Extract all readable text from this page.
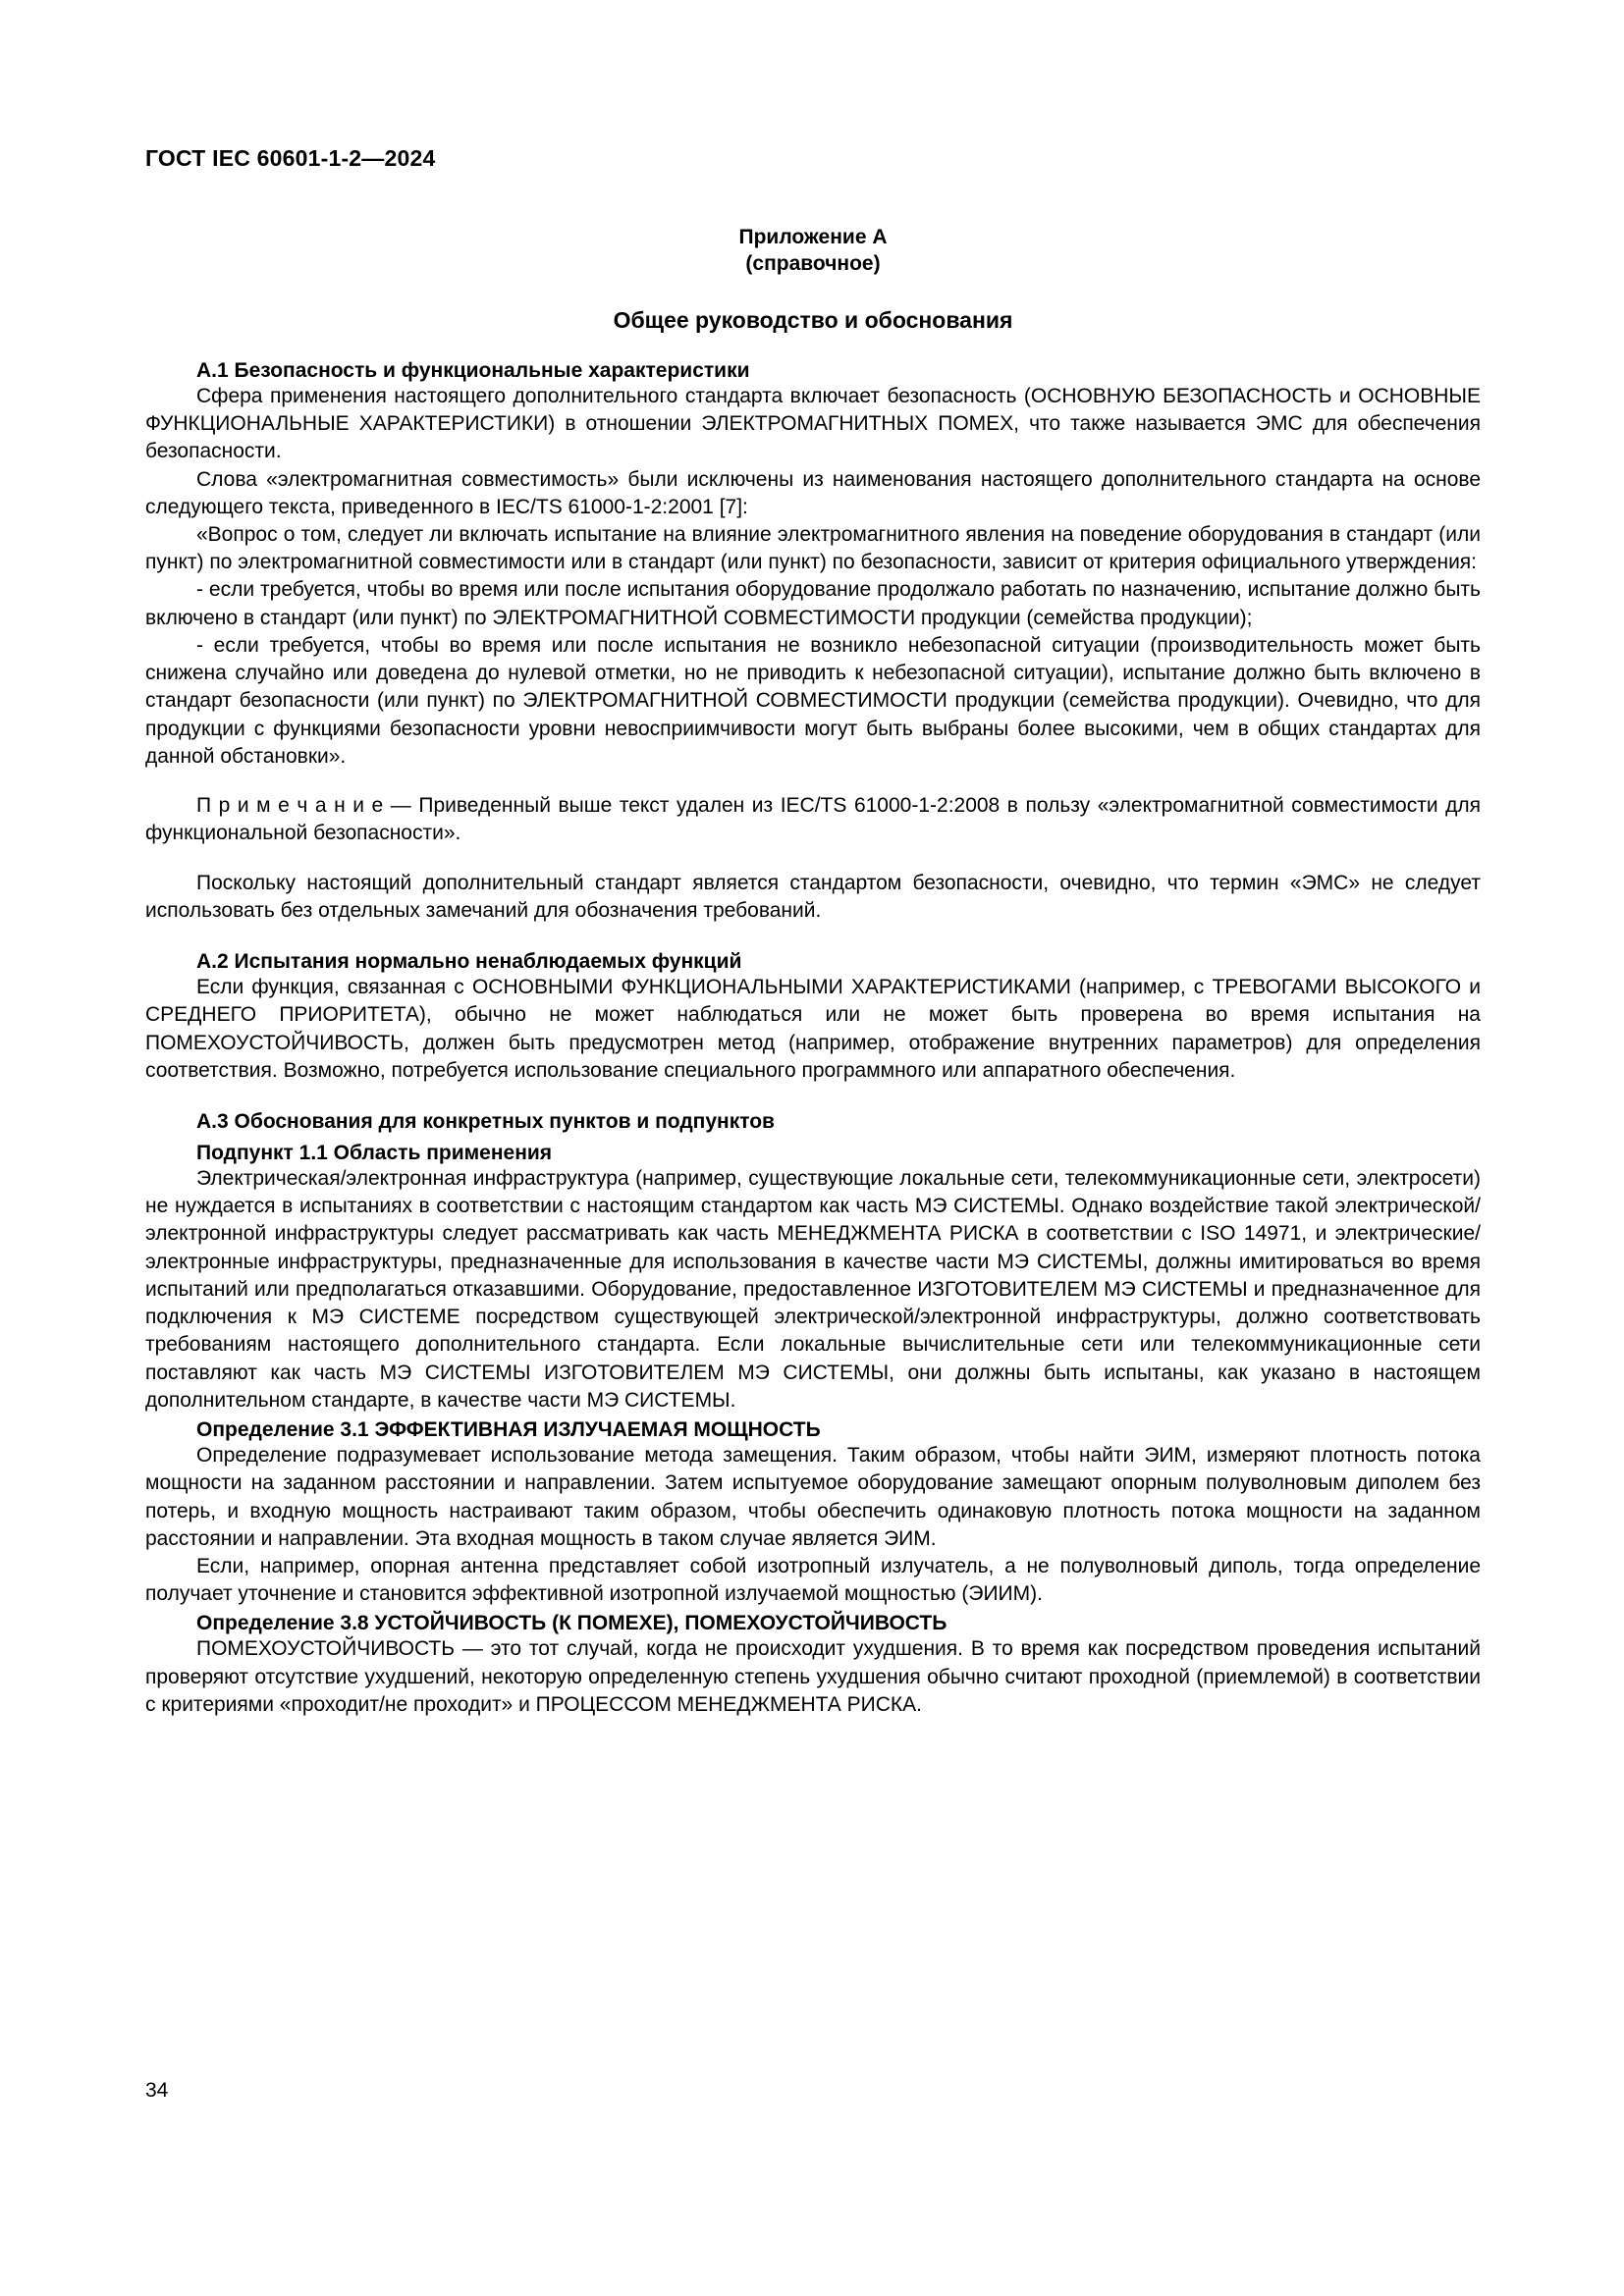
ГОСТ IEC 60601-1-2—2024
Приложение А
(справочное)
Общее руководство и обоснования
А.1 Безопасность и функциональные характеристики

Сфера применения настоящего дополнительного стандарта включает безопасность (ОСНОВНУЮ БЕЗОПАСНОСТЬ и ОСНОВНЫЕ ФУНКЦИОНАЛЬНЫЕ ХАРАКТЕРИСТИКИ) в отношении ЭЛЕКТРОМАГНИТНЫХ ПОМЕХ, что также называется ЭМС для обеспечения безопасности.

Слова «электромагнитная совместимость» были исключены из наименования настоящего дополнительного стандарта на основе следующего текста, приведенного в IEC/TS 61000-1-2:2001 [7]:

«Вопрос о том, следует ли включать испытание на влияние электромагнитного явления на поведение оборудования в стандарт (или пункт) по электромагнитной совместимости или в стандарт (или пункт) по безопасности, зависит от критерия официального утверждения:

- если требуется, чтобы во время или после испытания оборудование продолжало работать по назначению, испытание должно быть включено в стандарт (или пункт) по ЭЛЕКТРОМАГНИТНОЙ СОВМЕСТИМОСТИ продукции (семейства продукции);

- если требуется, чтобы во время или после испытания не возникло небезопасной ситуации (производительность может быть снижена случайно или доведена до нулевой отметки, но не приводить к небезопасной ситуации), испытание должно быть включено в стандарт безопасности (или пункт) по ЭЛЕКТРОМАГНИТНОЙ СОВМЕСТИМОСТИ продукции (семейства продукции). Очевидно, что для продукции с функциями безопасности уровни невосприимчивости могут быть выбраны более высокими, чем в общих стандартах для данной обстановки».

П р и м е ч а н и е — Приведенный выше текст удален из IEC/TS 61000-1-2:2008 в пользу «электромагнитной совместимости для функциональной безопасности».

Поскольку настоящий дополнительный стандарт является стандартом безопасности, очевидно, что термин «ЭМС» не следует использовать без отдельных замечаний для обозначения требований.

А.2 Испытания нормально ненаблюдаемых функций

Если функция, связанная с ОСНОВНЫМИ ФУНКЦИОНАЛЬНЫМИ ХАРАКТЕРИСТИКАМИ (например, с ТРЕВОГАМИ ВЫСОКОГО и СРЕДНЕГО ПРИОРИТЕТА), обычно не может наблюдаться или не может быть проверена во время испытания на ПОМЕХОУСТОЙЧИВОСТЬ, должен быть предусмотрен метод (например, отображение внутренних параметров) для определения соответствия. Возможно, потребуется использование специального программного или аппаратного обеспечения.

А.3 Обоснования для конкретных пунктов и подпунктов
Подпункт 1.1 Область применения

Электрическая/электронная инфраструктура (например, существующие локальные сети, телекоммуникационные сети, электросети) не нуждается в испытаниях в соответствии с настоящим стандартом как часть МЭ СИСТЕМЫ. Однако воздействие такой электрической/электронной инфраструктуры следует рассматривать как часть МЕНЕДЖМЕНТА РИСКА в соответствии с ISO 14971, и электрические/электронные инфраструктуры, предназначенные для использования в качестве части МЭ СИСТЕМЫ, должны имитироваться во время испытаний или предполагаться отказавшими. Оборудование, предоставленное ИЗГОТОВИТЕЛЕМ МЭ СИСТЕМЫ и предназначенное для подключения к МЭ СИСТЕМЕ посредством существующей электрической/электронной инфраструктуры, должно соответствовать требованиям настоящего дополнительного стандарта. Если локальные вычислительные сети или телекоммуникационные сети поставляют как часть МЭ СИСТЕМЫ ИЗГОТОВИТЕЛЕМ МЭ СИСТЕМЫ, они должны быть испытаны, как указано в настоящем дополнительном стандарте, в качестве части МЭ СИСТЕМЫ.

Определение 3.1 ЭФФЕКТИВНАЯ ИЗЛУЧАЕМАЯ МОЩНОСТЬ

Определение подразумевает использование метода замещения. Таким образом, чтобы найти ЭИМ, измеряют плотность потока мощности на заданном расстоянии и направлении. Затем испытуемое оборудование замещают опорным полуволновым диполем без потерь, и входную мощность настраивают таким образом, чтобы обеспечить одинаковую плотность потока мощности на заданном расстоянии и направлении. Эта входная мощность в таком случае является ЭИМ.

Если, например, опорная антенна представляет собой изотропный излучатель, а не полуволновый диполь, тогда определение получает уточнение и становится эффективной изотропной излучаемой мощностью (ЭИИМ).

Определение 3.8 УСТОЙЧИВОСТЬ (К ПОМЕХЕ), ПОМЕХОУСТОЙЧИВОСТЬ

ПОМЕХОУСТОЙЧИВОСТЬ — это тот случай, когда не происходит ухудшения. В то время как посредством проведения испытаний проверяют отсутствие ухудшений, некоторую определенную степень ухудшения обычно считают проходной (приемлемой) в соответствии с критериями «проходит/не проходит» и ПРОЦЕССОМ МЕНЕДЖМЕНТА РИСКА.

34
